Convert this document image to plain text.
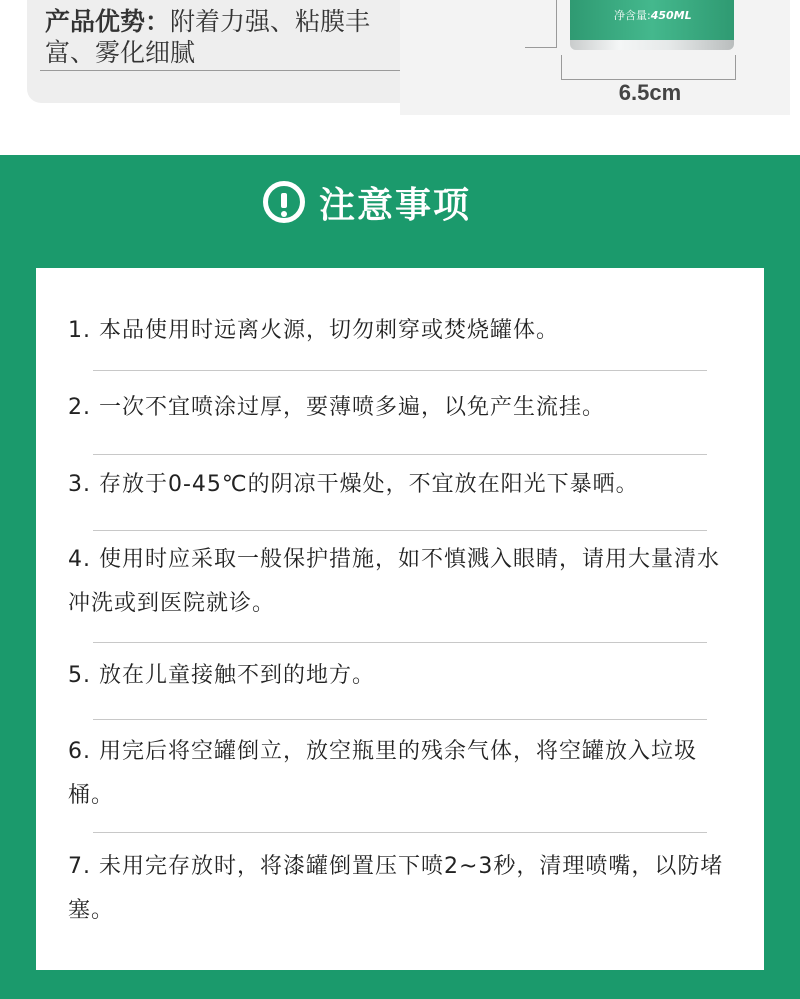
产品优势：附着力强、粘膜丰富、雾化细腻
净含量:450ML
6.5cm
注意事项
1. 本品使用时远离火源，切勿刺穿或焚烧罐体。
2. 一次不宜喷涂过厚，要薄喷多遍，以免产生流挂。
3. 存放于0-45℃的阴凉干燥处，不宜放在阳光下暴晒。
4. 使用时应采取一般保护措施，如不慎溅入眼睛，请用大量清水冲洗或到医院就诊。
5. 放在儿童接触不到的地方。
6. 用完后将空罐倒立，放空瓶里的残余气体，将空罐放入垃圾桶。
7. 未用完存放时，将漆罐倒置压下喷2~3秒，清理喷嘴，以防堵塞。
